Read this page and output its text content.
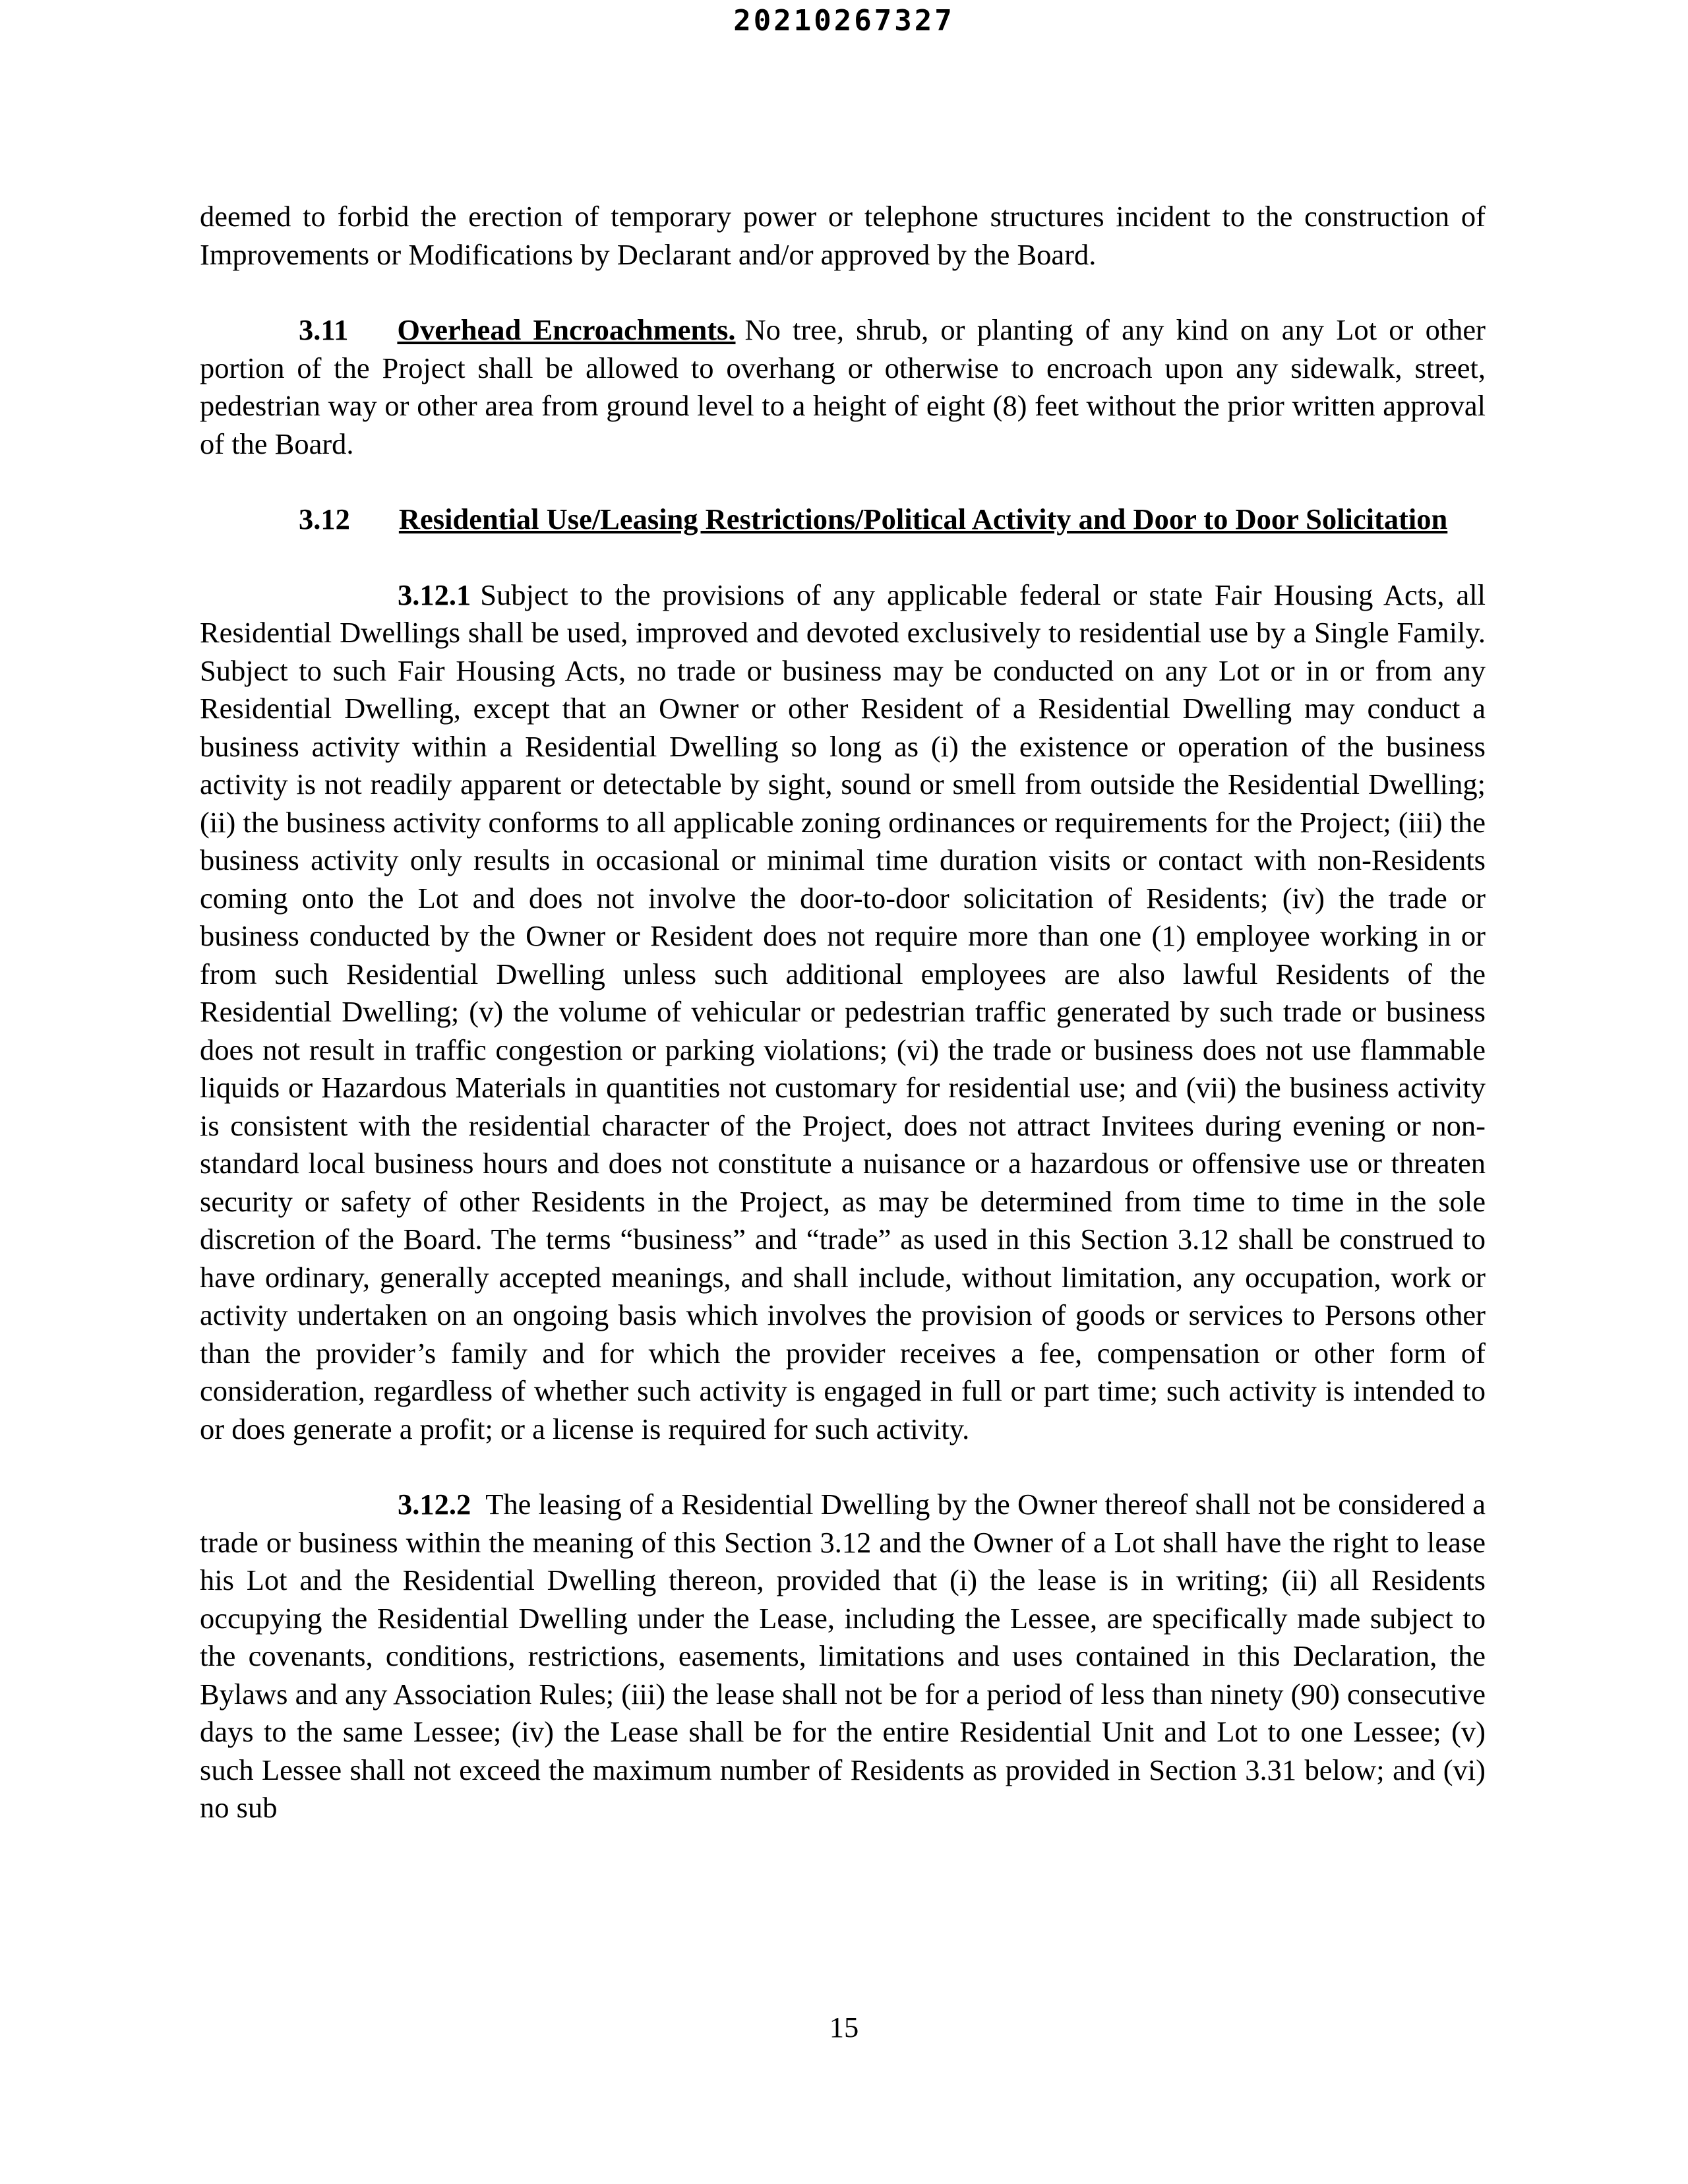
20210267327

deemed to forbid the erection of temporary power or telephone structures incident to the construction of Improvements or Modifications by Declarant and/or approved by the Board.

3.11 Overhead Encroachments. No tree, shrub, or planting of any kind on any Lot or other portion of the Project shall be allowed to overhang or otherwise to encroach upon any sidewalk, street, pedestrian way or other area from ground level to a height of eight (8) feet without the prior written approval of the Board.

3.12 Residential Use/Leasing Restrictions/Political Activity and Door to Door Solicitation

3.12.1 Subject to the provisions of any applicable federal or state Fair Housing Acts, all Residential Dwellings shall be used, improved and devoted exclusively to residential use by a Single Family. Subject to such Fair Housing Acts, no trade or business may be conducted on any Lot or in or from any Residential Dwelling, except that an Owner or other Resident of a Residential Dwelling may conduct a business activity within a Residential Dwelling so long as (i) the existence or operation of the business activity is not readily apparent or detectable by sight, sound or smell from outside the Residential Dwelling; (ii) the business activity conforms to all applicable zoning ordinances or requirements for the Project; (iii) the business activity only results in occasional or minimal time duration visits or contact with non-Residents coming onto the Lot and does not involve the door-to-door solicitation of Residents; (iv) the trade or business conducted by the Owner or Resident does not require more than one (1) employee working in or from such Residential Dwelling unless such additional employees are also lawful Residents of the Residential Dwelling; (v) the volume of vehicular or pedestrian traffic generated by such trade or business does not result in traffic congestion or parking violations; (vi) the trade or business does not use flammable liquids or Hazardous Materials in quantities not customary for residential use; and (vii) the business activity is consistent with the residential character of the Project, does not attract Invitees during evening or non-standard local business hours and does not constitute a nuisance or a hazardous or offensive use or threaten security or safety of other Residents in the Project, as may be determined from time to time in the sole discretion of the Board. The terms “business” and “trade” as used in this Section 3.12 shall be construed to have ordinary, generally accepted meanings, and shall include, without limitation, any occupation, work or activity undertaken on an ongoing basis which involves the provision of goods or services to Persons other than the provider’s family and for which the provider receives a fee, compensation or other form of consideration, regardless of whether such activity is engaged in full or part time; such activity is intended to or does generate a profit; or a license is required for such activity.

3.12.2 The leasing of a Residential Dwelling by the Owner thereof shall not be considered a trade or business within the meaning of this Section 3.12 and the Owner of a Lot shall have the right to lease his Lot and the Residential Dwelling thereon, provided that (i) the lease is in writing; (ii) all Residents occupying the Residential Dwelling under the Lease, including the Lessee, are specifically made subject to the covenants, conditions, restrictions, easements, limitations and uses contained in this Declaration, the Bylaws and any Association Rules; (iii) the lease shall not be for a period of less than ninety (90) consecutive days to the same Lessee; (iv) the Lease shall be for the entire Residential Unit and Lot to one Lessee; (v) such Lessee shall not exceed the maximum number of Residents as provided in Section 3.31 below; and (vi) no sub

15
